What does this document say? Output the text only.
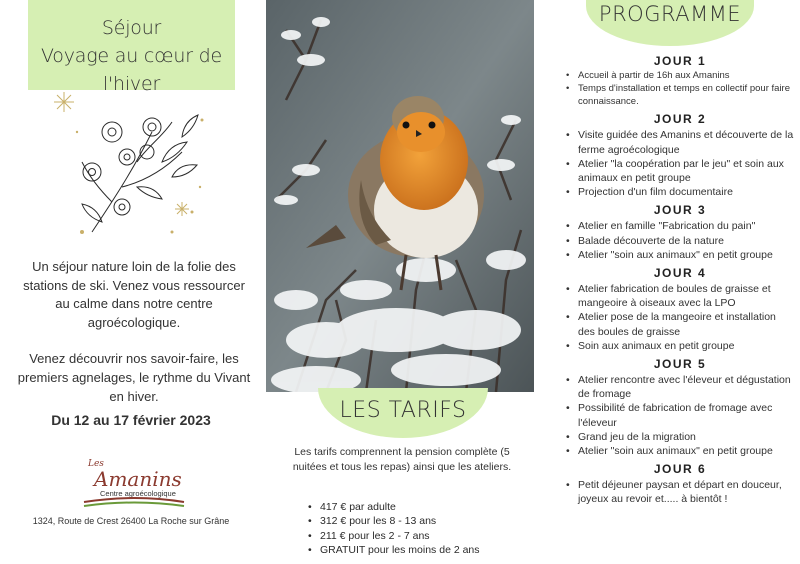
Séjour
Voyage au cœur de l'hiver

Un séjour nature loin de la folie des stations de ski. Venez vous ressourcer au calme dans notre centre agroécologique.

Venez découvrir nos savoir-faire, les premiers agnelages, le rythme du Vivant en hiver.

Du 12 au 17 février 2023
Les
Amanins
Centre agroécologique
1324, Route de Crest 26400 La Roche sur Grâne
LES TARIFS
Les tarifs comprennent la pension complète (5 nuitées et tous les repas) ainsi que les ateliers.
• 417 € par adulte
• 312 € pour les 8 - 13 ans
• 211 € pour les 2 - 7 ans
• GRATUIT pour les moins de 2 ans
PROGRAMME
JOUR 1
• Accueil à partir de 16h aux Amanins
• Temps d'installation et temps en collectif pour faire connaissance.
JOUR 2
• Visite guidée des Amanins et découverte de la ferme agroécologique
• Atelier "la coopération par le jeu" et soin aux animaux en petit groupe
• Projection d'un film documentaire
JOUR 3
• Atelier en famille "Fabrication du pain"
• Balade découverte de la nature
• Atelier "soin aux animaux" en petit groupe
JOUR 4
• Atelier fabrication de boules de graisse et mangeoire à oiseaux avec la LPO
• Atelier pose de la mangeoire et installation des boules de graisse
• Soin aux animaux en petit groupe
JOUR 5
• Atelier rencontre avec l'éleveur et dégustation de fromage
• Possibilité de fabrication de fromage avec l'éleveur
• Grand jeu de la migration
• Atelier "soin aux animaux" en petit groupe
JOUR 6
• Petit déjeuner paysan et départ en douceur, joyeux au revoir et..... à bientôt !
